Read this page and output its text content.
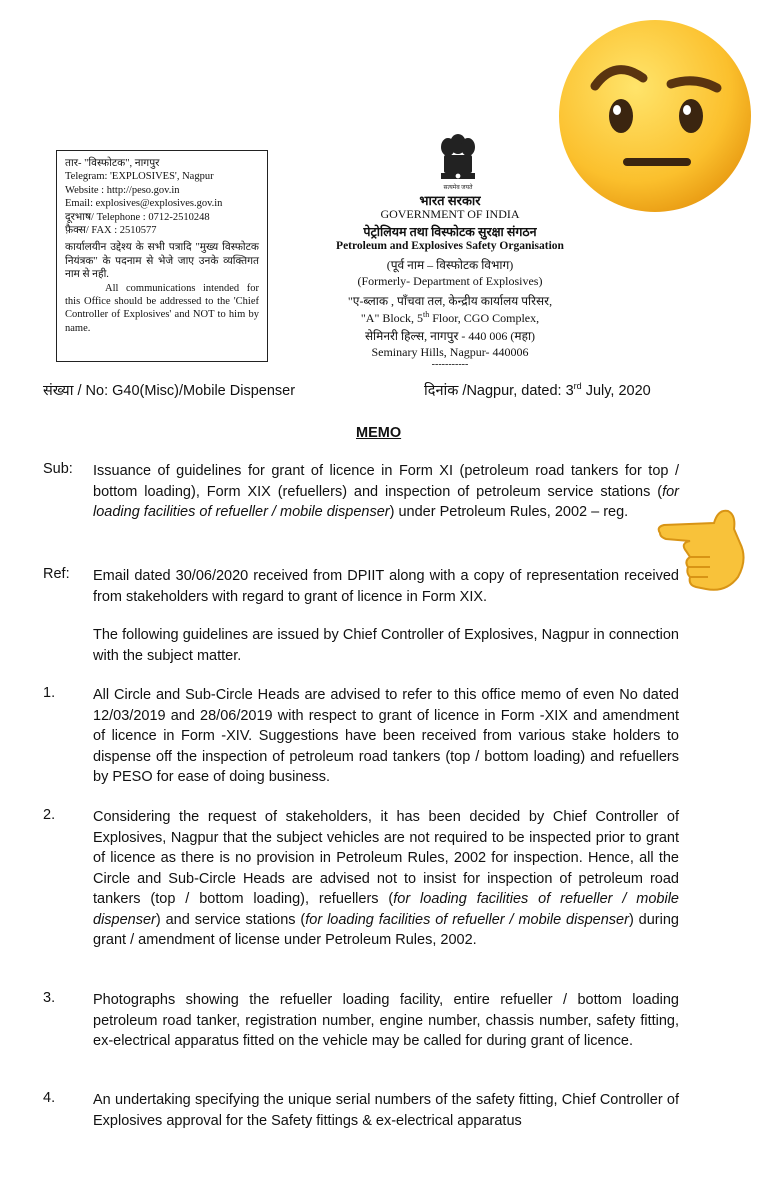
तार- "विस्फोटक", नागपुर
Telegram: 'EXPLOSIVES', Nagpur
Website : http://peso.gov.in
Email: explosives@explosives.gov.in
दूरभाष/ Telephone : 0712-2510248
फ़ैक्स/ FAX : 2510577
कार्यालयीन उद्देश्य के सभी पत्रादि "मुख्य विस्फोटक नियंत्रक" के पदनाम से भेजे जाए उनके व्यक्तिगत नाम से नही.
All communications intended for this Office should be addressed to the 'Chief Controller of Explosives' and NOT to him by name.
सत्यमेव जयते
भारत सरकार
GOVERNMENT OF INDIA
पेट्रोलियम तथा विस्फोटक सुरक्षा संगठन
Petroleum and Explosives Safety Organisation
(पूर्व नाम – विस्फोटक विभाग)
(Formerly- Department of Explosives)
"ए-ब्लाक , पाँचवा तल, केन्द्रीय कार्यालय परिसर,
"A" Block, 5th Floor, CGO Complex,
सेमिनरी हिल्स, नागपुर - 440 006 (महा)
Seminary Hills, Nagpur- 440006
-----------
संख्या / No: G40(Misc)/Mobile Dispenser	दिनांक /Nagpur, dated: 3rd July, 2020
MEMO
Sub: Issuance of guidelines for grant of licence in Form XI (petroleum road tankers for top / bottom loading), Form XIX (refuellers) and inspection of petroleum service stations (for loading facilities of refueller / mobile dispenser) under Petroleum Rules, 2002 – reg.
Ref: Email dated 30/06/2020 received from DPIIT along with a copy of representation received from stakeholders with regard to grant of licence in Form XIX.
The following guidelines are issued by Chief Controller of Explosives, Nagpur in connection with the subject matter.
1.	All Circle and Sub-Circle Heads are advised to refer to this office memo of even No dated 12/03/2019 and 28/06/2019 with respect to grant of licence in Form -XIX and amendment of licence in Form -XIV. Suggestions have been received from various stake holders to dispense off the inspection of petroleum road tankers (top / bottom loading) and refuellers by PESO for ease of doing business.
2.	Considering the request of stakeholders, it has been decided by Chief Controller of Explosives, Nagpur that the subject vehicles are not required to be inspected prior to grant of licence as there is no provision in Petroleum Rules, 2002 for inspection. Hence, all the Circle and Sub-Circle Heads are advised not to insist for inspection of petroleum road tankers (top / bottom loading), refuellers (for loading facilities of refueller / mobile dispenser) and service stations (for loading facilities of refueller / mobile dispenser) during grant / amendment of license under Petroleum Rules, 2002.
3.	Photographs showing the refueller loading facility, entire refueller / bottom loading petroleum road tanker, registration number, engine number, chassis number, safety fitting, ex-electrical apparatus fitted on the vehicle may be called for during grant of licence.
4.	An undertaking specifying the unique serial numbers of the safety fitting, Chief Controller of Explosives approval for the Safety fittings & ex-electrical apparatus
